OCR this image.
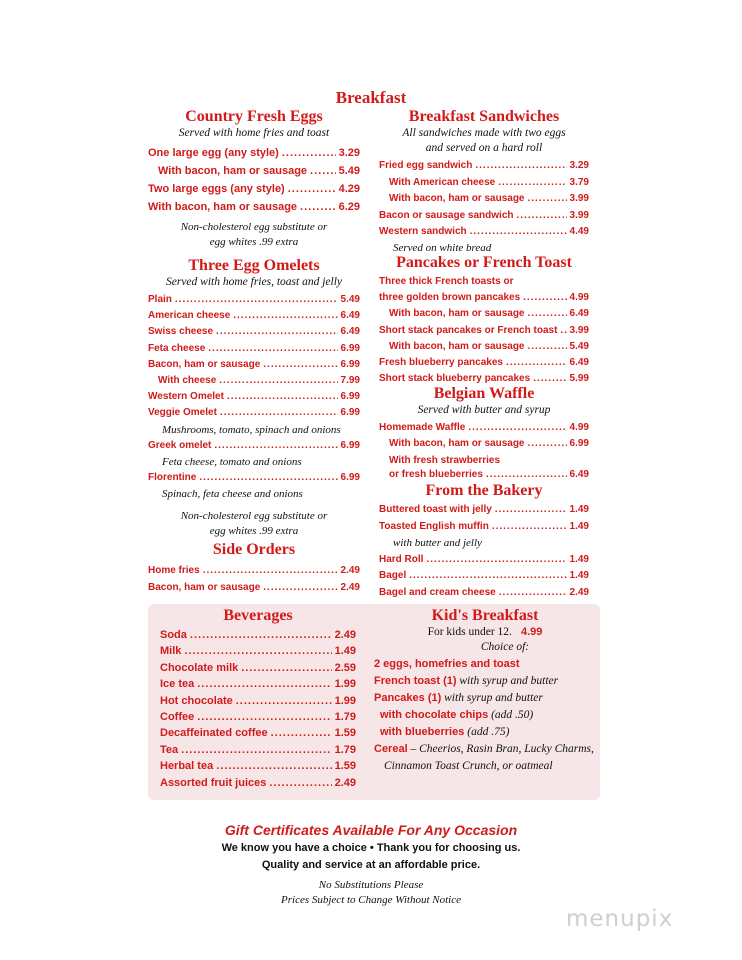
Breakfast
Country Fresh Eggs
Served with home fries and toast
One large egg (any style) .....	3.29
With bacon, ham or sausage .....	5.49
Two large eggs (any style) .....	4.29
With bacon, ham or sausage .....	6.29
Non-cholesterol egg substitute or
egg whites .99 extra
Three Egg Omelets
Served with home fries, toast and jelly
Plain .....	5.49
American cheese .....	6.49
Swiss cheese .....	6.49
Feta cheese .....	6.99
Bacon, ham or sausage .....	6.99
With cheese .....	7.99
Western Omelet .....	6.99
Veggie Omelet .....	6.99
Mushrooms, tomato, spinach and onions
Greek omelet .....	6.99
Feta cheese, tomato and onions
Florentine .....	6.99
Spinach, feta cheese and onions
Non-cholesterol egg substitute or
egg whites .99 extra
Side Orders
Home fries .....	2.49
Bacon, ham or sausage .....	2.49
Breakfast Sandwiches
All sandwiches made with two eggs
and served on a hard roll
Fried egg sandwich .....	3.29
With American cheese .....	3.79
With bacon, ham or sausage .....	3.99
Bacon or sausage sandwich .....	3.99
Western sandwich .....	4.49
Served on white bread
Pancakes or French Toast
Three thick French toasts or
three golden brown pancakes .....	4.99
With bacon, ham or sausage .....	6.49
Short stack pancakes or French toast ..... 3.99
With bacon, ham or sausage .....	5.49
Fresh blueberry pancakes .....	6.49
Short stack blueberry pancakes .....	5.99
Belgian Waffle
Served with butter and syrup
Homemade Waffle .....	4.99
With bacon, ham or sausage .....	6.99
With fresh strawberries
or fresh blueberries .....	6.49
From the Bakery
Buttered toast with jelly .....	1.49
Toasted English muffin .....	1.49
with butter and jelly
Hard Roll .....	1.49
Bagel .....	1.49
Bagel and cream cheese .....	2.49
Beverages
Soda .....	2.49
Milk .....	1.49
Chocolate milk .....	2.59
Ice tea .....	1.99
Hot chocolate .....	1.99
Coffee .....	1.79
Decaffeinated coffee .....	1.59
Tea .....	1.79
Herbal tea .....	1.59
Assorted fruit juices .....	2.49
Kid's Breakfast
For kids under 12. 4.99
Choice of:
2 eggs, homefries and toast
French toast (1) with syrup and butter
Pancakes (1) with syrup and butter
with chocolate chips (add .50)
with blueberries (add .75)
Cereal – Cheerios, Rasin Bran, Lucky Charms,
Cinnamon Toast Crunch, or oatmeal
Gift Certificates Available For Any Occasion
We know you have a choice • Thank you for choosing us.
Quality and service at an affordable price.
No Substitutions Please
Prices Subject to Change Without Notice
menupix
